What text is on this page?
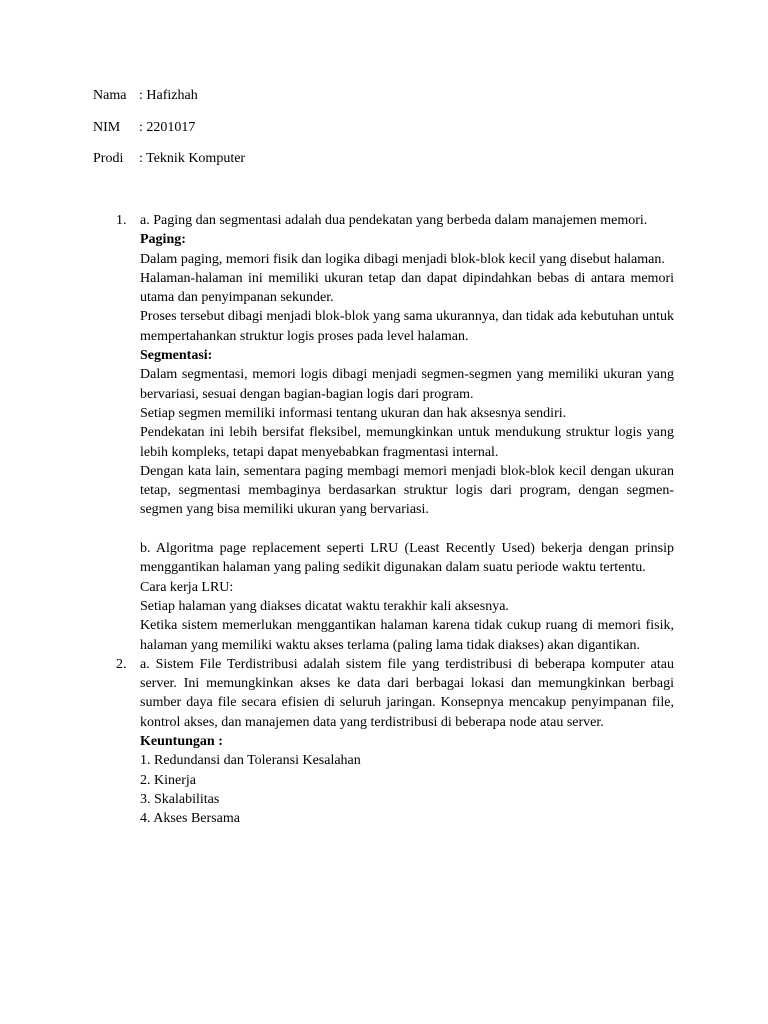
Nama : Hafizhah
NIM	: 2201017
Prodi	: Teknik Komputer
1. a. Paging dan segmentasi adalah dua pendekatan yang berbeda dalam manajemen memori.

Paging:

Dalam paging, memori fisik dan logika dibagi menjadi blok-blok kecil yang disebut halaman.

Halaman-halaman ini memiliki ukuran tetap dan dapat dipindahkan bebas di antara memori utama dan penyimpanan sekunder.

Proses tersebut dibagi menjadi blok-blok yang sama ukurannya, dan tidak ada kebutuhan untuk mempertahankan struktur logis proses pada level halaman.

Segmentasi:

Dalam segmentasi, memori logis dibagi menjadi segmen-segmen yang memiliki ukuran yang bervariasi, sesuai dengan bagian-bagian logis dari program.

Setiap segmen memiliki informasi tentang ukuran dan hak aksesnya sendiri.

Pendekatan ini lebih bersifat fleksibel, memungkinkan untuk mendukung struktur logis yang lebih kompleks, tetapi dapat menyebabkan fragmentasi internal.

Dengan kata lain, sementara paging membagi memori menjadi blok-blok kecil dengan ukuran tetap, segmentasi membaginya berdasarkan struktur logis dari program, dengan segmen-segmen yang bisa memiliki ukuran yang bervariasi.

b. Algoritma page replacement seperti LRU (Least Recently Used) bekerja dengan prinsip menggantikan halaman yang paling sedikit digunakan dalam suatu periode waktu tertentu.

Cara kerja LRU:

Setiap halaman yang diakses dicatat waktu terakhir kali aksesnya.

Ketika sistem memerlukan menggantikan halaman karena tidak cukup ruang di memori fisik, halaman yang memiliki waktu akses terlama (paling lama tidak diakses) akan digantikan.

2. a. Sistem File Terdistribusi adalah sistem file yang terdistribusi di beberapa komputer atau server. Ini memungkinkan akses ke data dari berbagai lokasi dan memungkinkan berbagi sumber daya file secara efisien di seluruh jaringan. Konsepnya mencakup penyimpanan file, kontrol akses, dan manajemen data yang terdistribusi di beberapa node atau server.

Keuntungan :

1. Redundansi dan Toleransi Kesalahan

2. Kinerja

3. Skalabilitas

4. Akses Bersama
